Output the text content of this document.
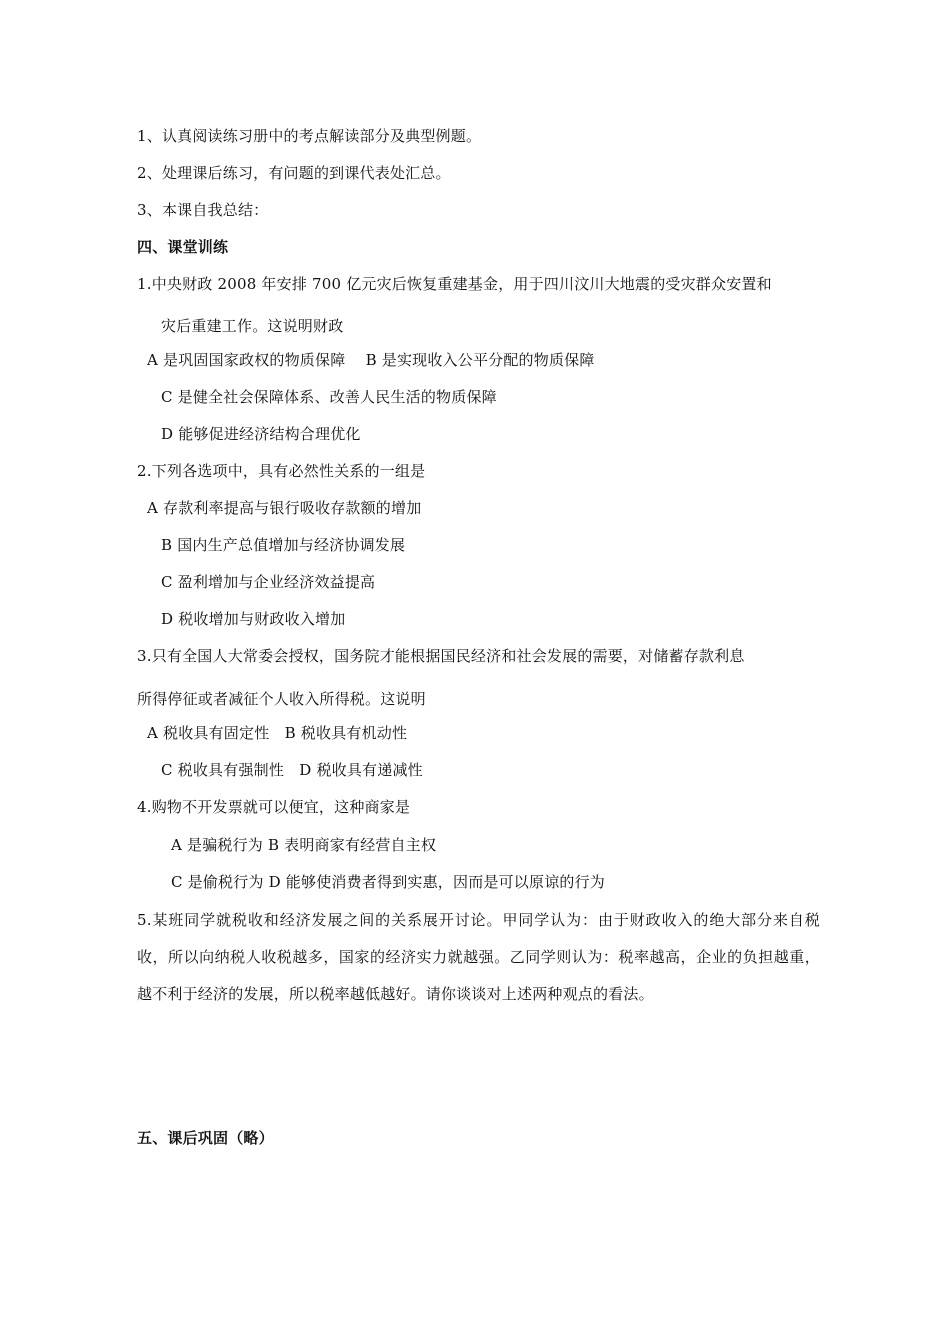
1、认真阅读练习册中的考点解读部分及典型例题。
2、处理课后练习，有问题的到课代表处汇总。
3、本课自我总结：
四、课堂训练
1.中央财政 2008 年安排 700 亿元灾后恢复重建基金，用于四川汶川大地震的受灾群众安置和
灾后重建工作。这说明财政
A 是巩固国家政权的物质保障　 B 是实现收入公平分配的物质保障
C 是健全社会保障体系、改善人民生活的物质保障
D 能够促进经济结构合理优化
2.下列各选项中，具有必然性关系的一组是
A 存款利率提高与银行吸收存款额的增加
B 国内生产总值增加与经济协调发展
C 盈利增加与企业经济效益提高
D 税收增加与财政收入增加
3.只有全国人大常委会授权，国务院才能根据国民经济和社会发展的需要，对储蓄存款利息
所得停征或者减征个人收入所得税。这说明
A 税收具有固定性　B 税收具有机动性
C 税收具有强制性　D 税收具有递减性
4.购物不开发票就可以便宜，这种商家是
A 是骗税行为 B 表明商家有经营自主权
C 是偷税行为 D 能够使消费者得到实惠，因而是可以原谅的行为
5.某班同学就税收和经济发展之间的关系展开讨论。甲同学认为：由于财政收入的绝大部分来自税收，所以向纳税人收税越多，国家的经济实力就越强。乙同学则认为：税率越高，企业的负担越重，越不利于经济的发展，所以税率越低越好。请你谈谈对上述两种观点的看法。
五、课后巩固（略）
